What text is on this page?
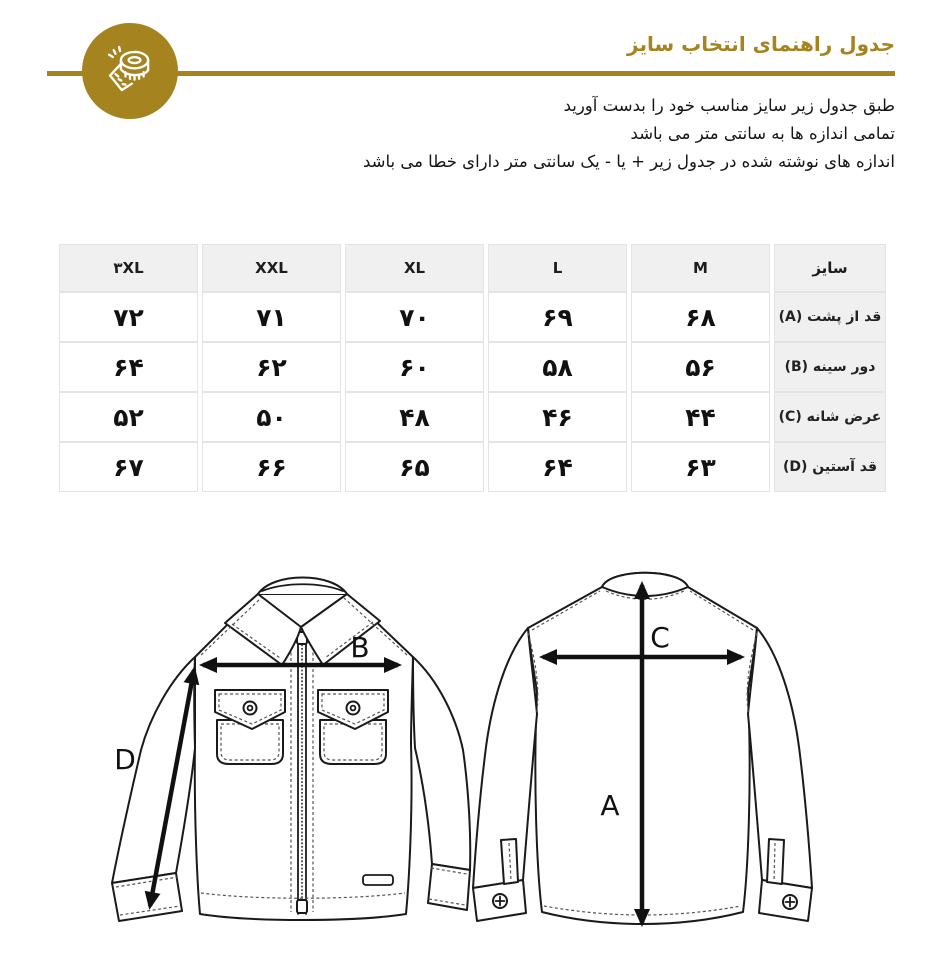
جدول راهنمای انتخاب سایز
طبق جدول زیر سایز مناسب خود را بدست آورید
تمامی اندازه ها به سانتی متر می باشد
اندازه های نوشته شده در جدول زیر + یا - یک سانتی متر دارای خطا می باشد
سایز	M	L	XL	XXL	۳XL
قد از پشت (A)	۶۸	۶۹	۷۰	۷۱	۷۲
دور سینه (B)	۵۶	۵۸	۶۰	۶۲	۶۴
عرض شانه (C)	۴۴	۴۶	۴۸	۵۰	۵۲
قد آستین (D)	۶۳	۶۴	۶۵	۶۶	۶۷
B
D
A
C
